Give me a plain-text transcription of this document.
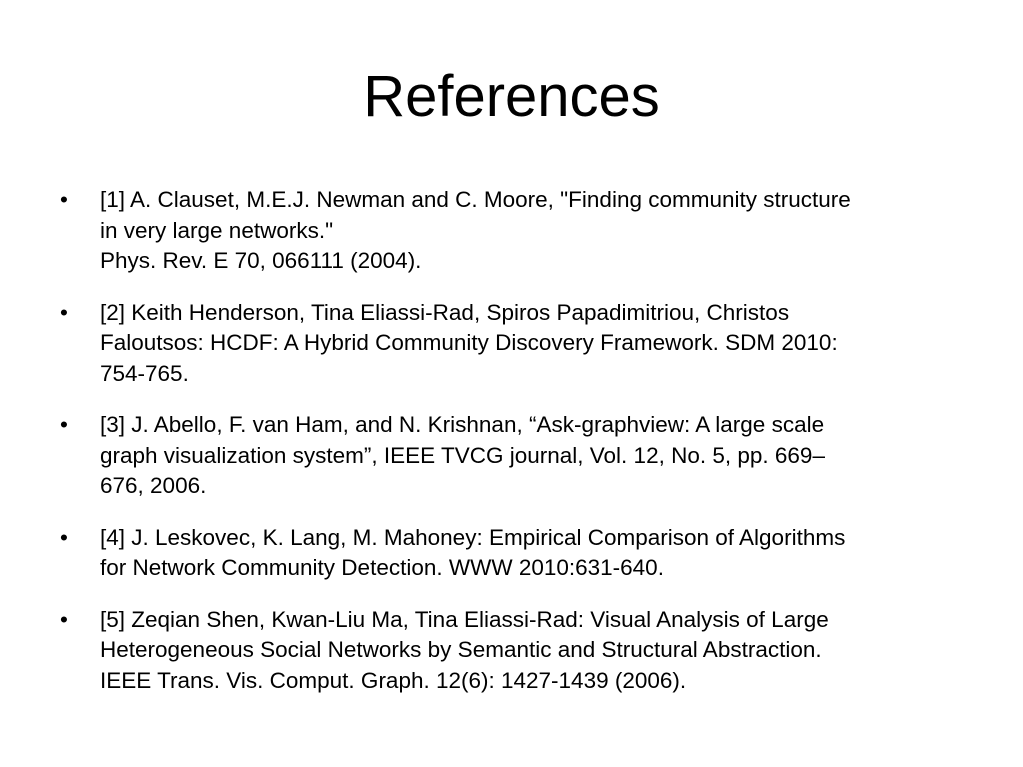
References
•	[1] A. Clauset, M.E.J. Newman and C. Moore, "Finding community structure
in very large networks."
Phys. Rev. E 70, 066111 (2004).
•	[2] Keith Henderson, Tina Eliassi-Rad, Spiros Papadimitriou, Christos
Faloutsos: HCDF: A Hybrid Community Discovery Framework. SDM 2010:
754-765.
•	[3] J. Abello, F. van Ham, and N. Krishnan, “Ask-graphview: A large scale
graph visualization system”, IEEE TVCG journal, Vol. 12, No. 5, pp. 669–
676, 2006.
•	[4] J. Leskovec, K. Lang, M. Mahoney: Empirical Comparison of Algorithms
for Network Community Detection. WWW 2010:631-640.
•	[5] Zeqian Shen, Kwan-Liu Ma, Tina Eliassi-Rad: Visual Analysis of Large
Heterogeneous Social Networks by Semantic and Structural Abstraction.
IEEE Trans. Vis. Comput. Graph. 12(6): 1427-1439 (2006).
